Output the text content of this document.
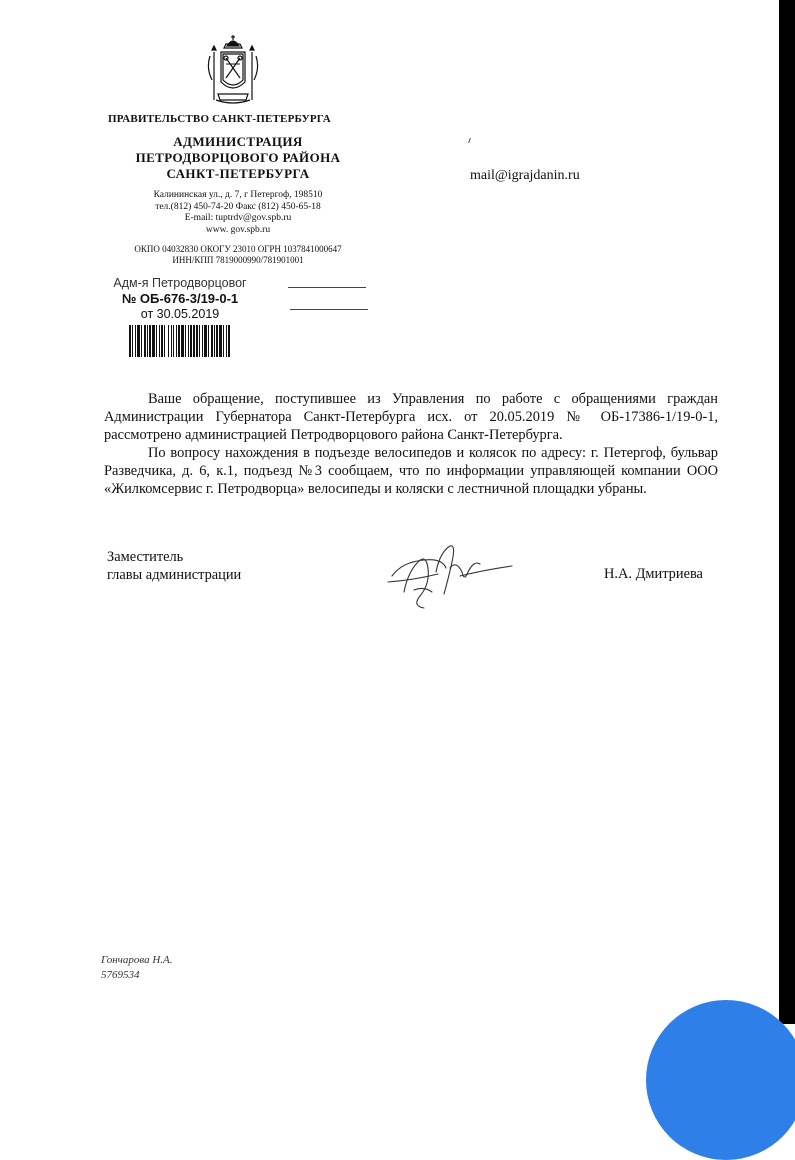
ПРАВИТЕЛЬСТВО САНКТ-ПЕТЕРБУРГА
АДМИНИСТРАЦИЯ
ПЕТРОДВОРЦОВОГО РАЙОНА
САНКТ-ПЕТЕРБУРГА
Калининская ул., д. 7, г Петергоф, 198510
тел.(812) 450-74-20 Факс (812) 450-65-18
E-mail: tuptrdv@gov.spb.ru
www. gov.spb.ru
ОКПО 04032830 ОКОГУ 23010 ОГРН 1037841000647
ИНН/КПП 7819000990/781901001
Адм-я Петродворцовог
№ ОБ-676-3/19-0-1
от 30.05.2019
mail@igrajdanin.ru

Ваше обращение, поступившее из Управления по работе с обращениями граждан Администрации Губернатора Санкт-Петербурга исх. от 20.05.2019 № ОБ-17386-1/19-0-1, рассмотрено администрацией Петродворцового района Санкт-Петербурга.

По вопросу нахождения в подъезде велосипедов и колясок по адресу: г. Петергоф, бульвар Разведчика, д. 6, к.1, подъезд №3 сообщаем, что по информации управляющей компании ООО «Жилкомсервис г. Петродворца» велосипеды и коляски с лестничной площадки убраны.

Заместитель
главы администрации	Н.А. Дмитриева
Гончарова Н.А.
5769534
